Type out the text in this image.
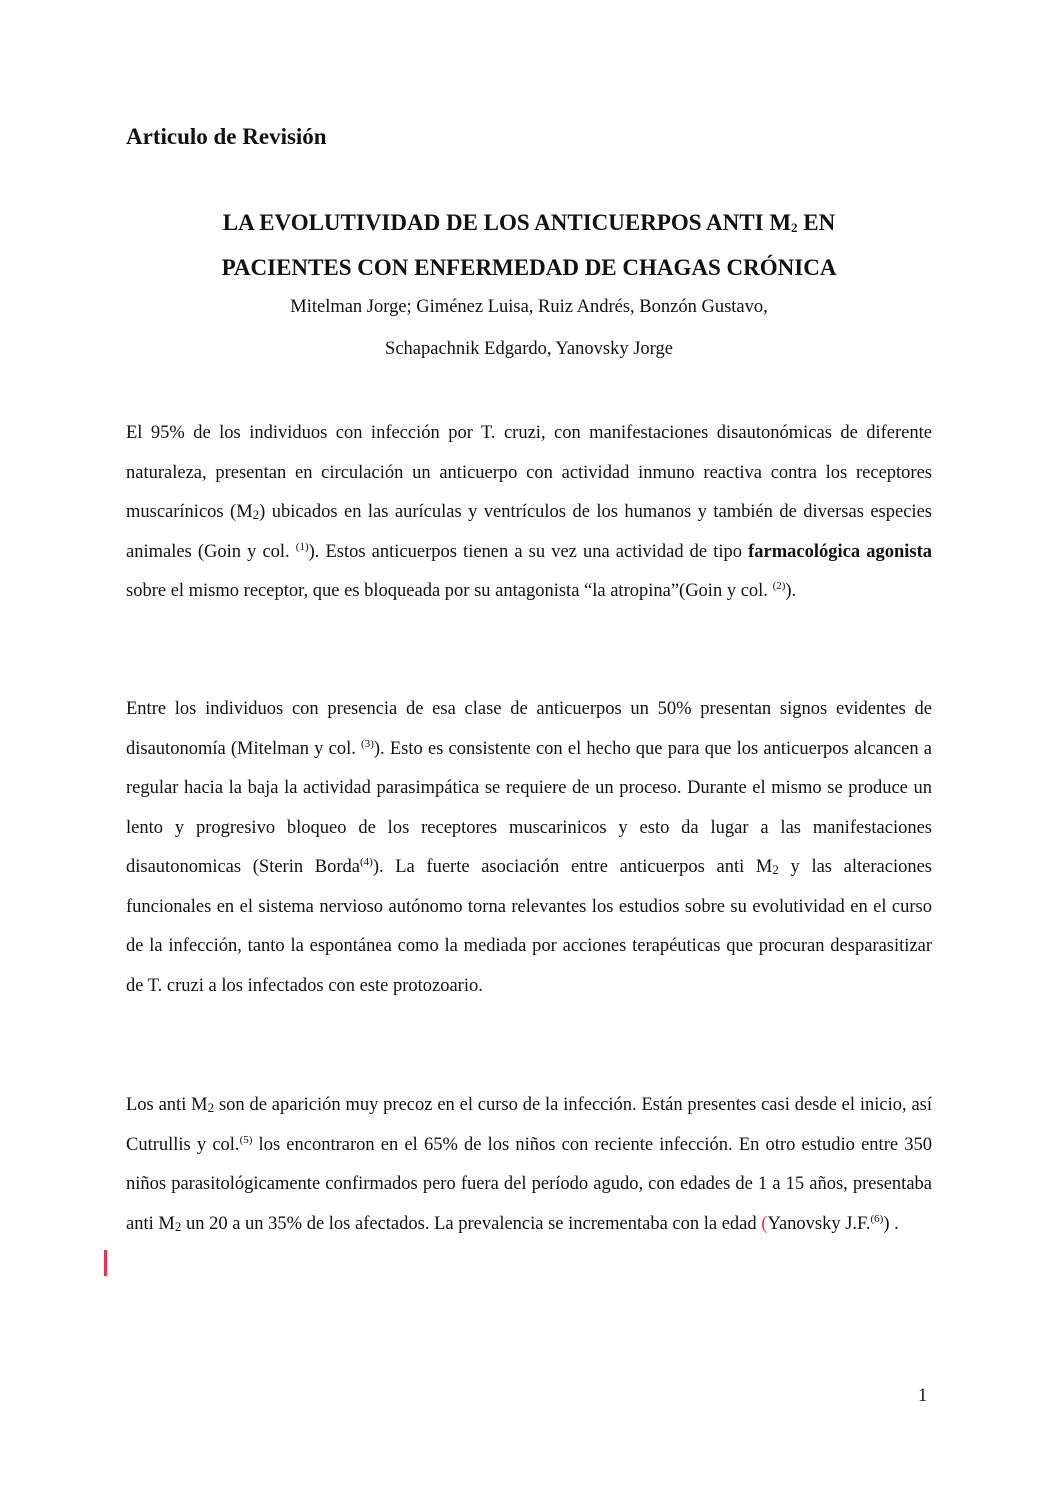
Articulo de Revisión
LA EVOLUTIVIDAD DE LOS ANTICUERPOS ANTI $M_2$ EN
PACIENTES CON ENFERMEDAD DE CHAGAS CRÓNICA

Mitelman Jorge; Giménez Luisa, Ruiz Andrés, Bonzón Gustavo,

Schapachnik Edgardo, Yanovsky Jorge

El 95% de los individuos con infección por T. cruzi, con manifestaciones disautonómicas de diferente naturaleza, presentan en circulación un anticuerpo con actividad inmuno reactiva contra los receptores muscarínicos $(M_2)$ ubicados en las aurículas y ventrículos de los humanos y también de diversas especies animales (Goin y col. $^{(1)}$). Estos anticuerpos tienen a su vez una actividad de tipo farmacológica agonista sobre el mismo receptor, que es bloqueada por su antagonista “la atropina”(Goin y col. $^{(2)}$).

Entre los individuos con presencia de esa clase de anticuerpos un 50% presentan signos evidentes de disautonomía (Mitelman y col. $^{(3)}$). Esto es consistente con el hecho que para que los anticuerpos alcancen a regular hacia la baja la actividad parasimpática se requiere de un proceso. Durante el mismo se produce un lento y progresivo bloqueo de los receptores muscarinicos y esto da lugar a las manifestaciones disautonomicas (Sterin Borda$^{(4)}$). La fuerte asociación entre anticuerpos anti $M_2$ y las alteraciones funcionales en el sistema nervioso autónomo torna relevantes los estudios sobre su evolutividad en el curso de la infección, tanto la espontánea como la mediada por acciones terapéuticas que procuran desparasitizar de T. cruzi a los infectados con este protozoario.

Los anti $M_2$ son de aparición muy precoz en el curso de la infección. Están presentes casi desde el inicio, así Cutrullis y col.$^{(5)}$ los encontraron en el 65% de los niños con reciente infección. En otro estudio entre 350 niños parasitológicamente confirmados pero fuera del período agudo, con edades de 1 a 15 años, presentaba anti $M_2$ un 20 a un 35% de los afectados. La prevalencia se incrementaba con la edad (Yanovsky J.F.$^{(6)}$) .

1
